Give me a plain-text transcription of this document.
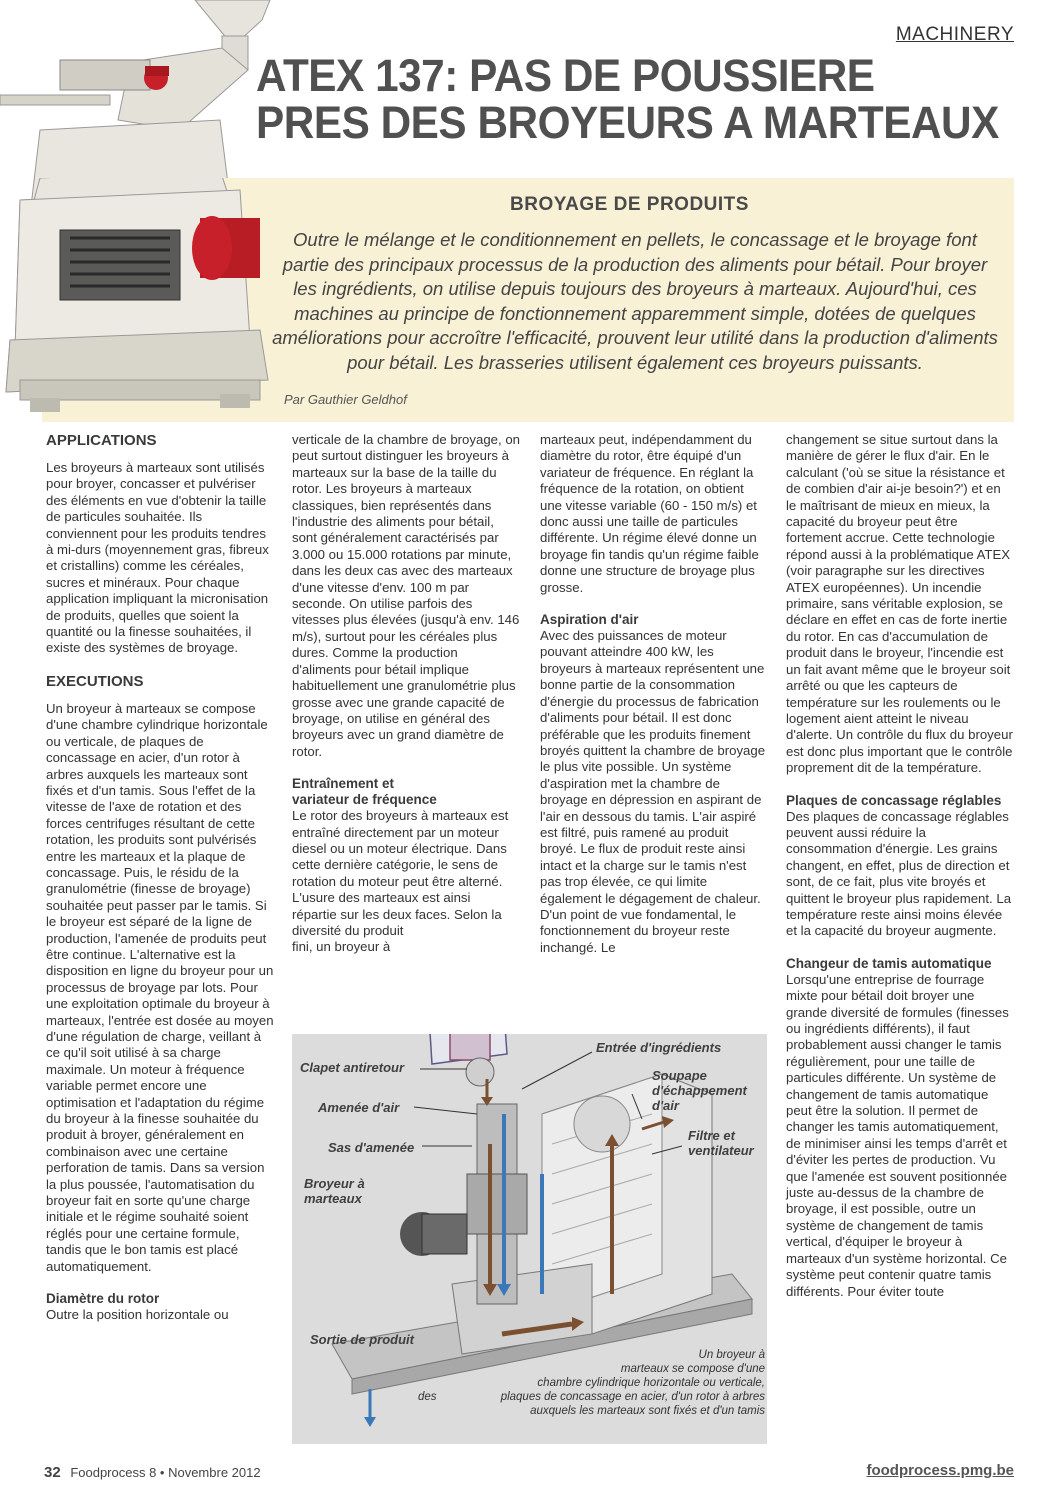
MACHINERY
ATEX 137: PAS DE POUSSIERE
PRES DES BROYEURS A MARTEAUX
BROYAGE DE PRODUITS
Outre le mélange et le conditionnement en pellets, le concassage et le broyage font partie des principaux processus de la production des aliments pour bétail. Pour broyer les ingrédients, on utilise depuis toujours des broyeurs à marteaux. Aujourd'hui, ces machines au principe de fonctionnement apparemment simple, dotées de quelques améliorations pour accroître l'efficacité, prouvent leur utilité dans la production d'aliments pour bétail. Les brasseries utilisent également ces broyeurs puissants.
Par Gauthier Geldhof
APPLICATIONS

Les broyeurs à marteaux sont utilisés pour broyer, concasser et pulvériser des éléments en vue d'obtenir la taille de particules souhaitée. Ils conviennent pour les produits tendres à mi-durs (moyennement gras, fibreux et cristallins) comme les céréales, sucres et minéraux. Pour chaque application impliquant la micronisation de produits, quelles que soient la quantité ou la finesse souhaitées, il existe des systèmes de broyage.

EXECUTIONS

Un broyeur à marteaux se compose d'une chambre cylindrique horizontale ou verticale, de plaques de concassage en acier, d'un rotor à arbres auxquels les marteaux sont fixés et d'un tamis. Sous l'effet de la vitesse de l'axe de rotation et des forces centrifuges résultant de cette rotation, les produits sont pulvérisés entre les marteaux et la plaque de concassage. Puis, le résidu de la granulométrie (finesse de broyage) souhaitée peut passer par le tamis. Si le broyeur est séparé de la ligne de production, l'amenée de produits peut être continue. L'alternative est la disposition en ligne du broyeur pour un processus de broyage par lots. Pour une exploitation optimale du broyeur à marteaux, l'entrée est dosée au moyen d'une régulation de charge, veillant à ce qu'il soit utilisé à sa charge maximale. Un moteur à fréquence variable permet encore une optimisation et l'adaptation du régime du broyeur à la finesse souhaitée du produit à broyer, généralement en combinaison avec une certaine perforation de tamis. Dans sa version la plus poussée, l'automatisation du broyeur fait en sorte qu'une charge initiale et le régime souhaité soient réglés pour une certaine formule, tandis que le bon tamis est placé automatiquement.

Diamètre du rotor

Outre la position horizontale ou

verticale de la chambre de broyage, on peut surtout distinguer les broyeurs à marteaux sur la base de la taille du rotor. Les broyeurs à marteaux classiques, bien représentés dans l'industrie des aliments pour bétail, sont généralement caractérisés par 3.000 ou 15.000 rotations par minute, dans les deux cas avec des marteaux d'une vitesse d'env. 100 m par seconde. On utilise parfois des vitesses plus élevées (jusqu'à env. 146 m/s), surtout pour les céréales plus dures. Comme la production d'aliments pour bétail implique habituellement une granulométrie plus grosse avec une grande capacité de broyage, on utilise en général des broyeurs avec un grand diamètre de rotor.

Entraînement et
variateur de fréquence

Le rotor des broyeurs à marteaux est entraîné directement par un moteur diesel ou un moteur électrique. Dans cette dernière catégorie, le sens de rotation du moteur peut être alterné. L'usure des marteaux est ainsi répartie sur les deux faces. Selon la diversité du produit

fini, un broyeur à

marteaux peut, indépendamment du diamètre du rotor, être équipé d'un variateur de fréquence. En réglant la fréquence de la rotation, on obtient une vitesse variable (60 - 150 m/s) et donc aussi une taille de particules différente. Un régime élevé donne un broyage fin tandis qu'un régime faible donne une structure de broyage plus grosse.

Aspiration d'air

Avec des puissances de moteur pouvant atteindre 400 kW, les broyeurs à marteaux représentent une bonne partie de la consommation d'énergie du processus de fabrication d'aliments pour bétail. Il est donc préférable que les produits finement broyés quittent la chambre de broyage le plus vite possible. Un système d'aspiration met la chambre de broyage en dépression en aspirant de l'air en dessous du tamis. L'air aspiré est filtré, puis ramené au produit broyé. Le flux de produit reste ainsi intact et la charge sur le tamis n'est pas trop élevée, ce qui limite également le dégagement de chaleur. D'un point de vue fondamental, le fonctionnement du broyeur reste inchangé. Le

changement se situe surtout dans la manière de gérer le flux d'air. En le calculant ('où se situe la résistance et de combien d'air ai-je besoin?') et en le maîtrisant de mieux en mieux, la capacité du broyeur peut être fortement accrue. Cette technologie répond aussi à la problématique ATEX (voir paragraphe sur les directives ATEX européennes). Un incendie primaire, sans véritable explosion, se déclare en effet en cas de forte inertie du rotor. En cas d'accumulation de produit dans le broyeur, l'incendie est un fait avant même que le broyeur soit arrêté ou que les capteurs de température sur les roulements ou le logement aient atteint le niveau d'alerte. Un contrôle du flux du broyeur est donc plus important que le contrôle proprement dit de la température.

Plaques de concassage réglables

Des plaques de concassage réglables peuvent aussi réduire la consommation d'énergie. Les grains changent, en effet, plus de direction et sont, de ce fait, plus vite broyés et quittent le broyeur plus rapidement. La température reste ainsi moins élevée et la capacité du broyeur augmente.

Changeur de tamis automatique

Lorsqu'une entreprise de fourrage mixte pour bétail doit broyer une grande diversité de formules (finesses ou ingrédients différents), il faut probablement aussi changer le tamis régulièrement, pour une taille de particules différente. Un système de changement de tamis automatique peut être la solution. Il permet de changer les tamis automatiquement, de minimiser ainsi les temps d'arrêt et d'éviter les pertes de production. Vu que l'amenée est souvent positionnée juste au-dessus de la chambre de broyage, il est possible, outre un système de changement de tamis vertical, d'équiper le broyeur à marteaux d'un système horizontal. Ce système peut contenir quatre tamis différents. Pour éviter toute

Clapet antiretour
Amenée d'air
Sas d'amenée
Broyeur à
marteaux
Sortie de produit
Entrée d'ingrédients
Soupape
d'échappement
d'air
Filtre et
ventilateur
Un broyeur à
marteaux se compose d'une
chambre cylindrique horizontale ou verticale,
plaques de concassage en acier, d'un rotor à arbres
auxquels les marteaux sont fixés et d'un tamis
des
32 Foodprocess 8 • Novembre 2012	foodprocess.pmg.be
